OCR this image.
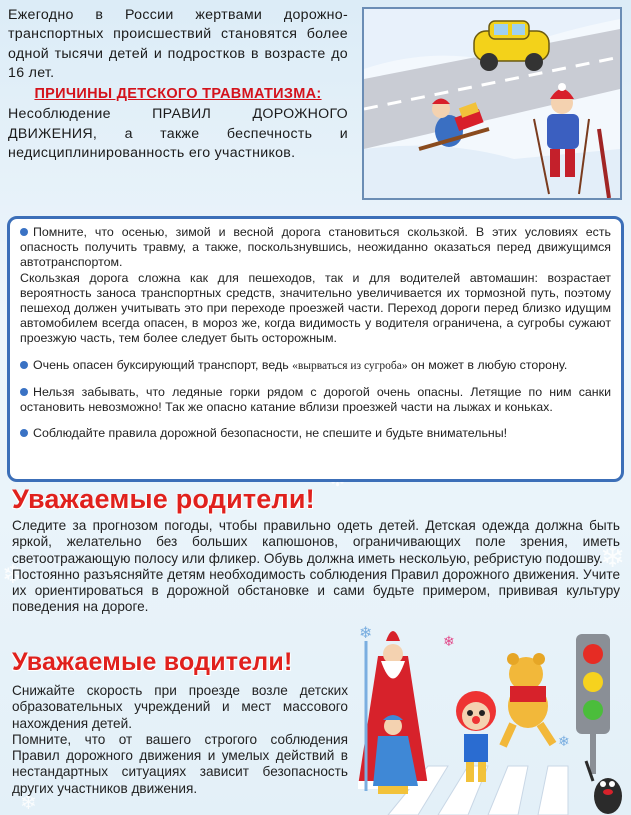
❄	❄
❄

Ежегодно в России жертвами дорожно-транспортных происшествий становятся более одной тысячи детей и подростков в возрасте до 16 лет.

ПРИЧИНЫ ДЕТСКОГО ТРАВМАТИЗМА:

Несоблюдение ПРАВИЛ ДОРОЖНОГО ДВИЖЕНИЯ, а также беспечность и недисциплинированность его участников.

Помните, что осенью, зимой и весной дорога становиться скользкой. В этих условиях есть опасность получить травму, а также, поскользнувшись, неожиданно оказаться перед движущимся автотранспортом.

Скользкая дорога сложна как для пешеходов, так и для водителей автомашин: возрастает вероятность заноса транспортных средств, значительно увеличивается их тормозной путь, поэтому пешеход должен учитывать это при переходе проезжей части. Переход дороги перед близко идущим автомобилем всегда опасен, в мороз же, когда видимость у водителя ограничена, а сугробы сужают проезжую часть, тем более следует быть осторожным.

Очень опасен буксирующий транспорт, ведь «вырваться из сугроба» он может в любую сторону.

Нельзя забывать, что ледяные горки рядом с дорогой очень опасны. Летящие по ним санки остановить невозможно! Так же опасно катание вблизи проезжей части на лыжах и коньках.

Соблюдайте правила дорожной безопасности, не спешите и будьте внимательны!

Уважаемые родители!

Следите за прогнозом погоды, чтобы правильно одеть детей. Детская одежда должна быть яркой, желательно без больших капюшонов, ограничивающих поле зрения, иметь светоотражающую полосу или фликер. Обувь должна иметь нескольую, ребристую подошву.

Постоянно разъясняйте детям необходимость соблюдения Правил дорожного движения. Учите их ориентироваться в дорожной обстановке и сами будьте примером, прививая культуру поведения на дороге.

Уважаемые водители!

Снижайте скорость при проезде возле детских образовательных учреждений и мест массового нахождения детей.

Помните, что от вашего строгого соблюдения Правил дорожного движения и умелых действий в нестандартных ситуациях зависит безопасность других участников движения.

❄	❄
❄
